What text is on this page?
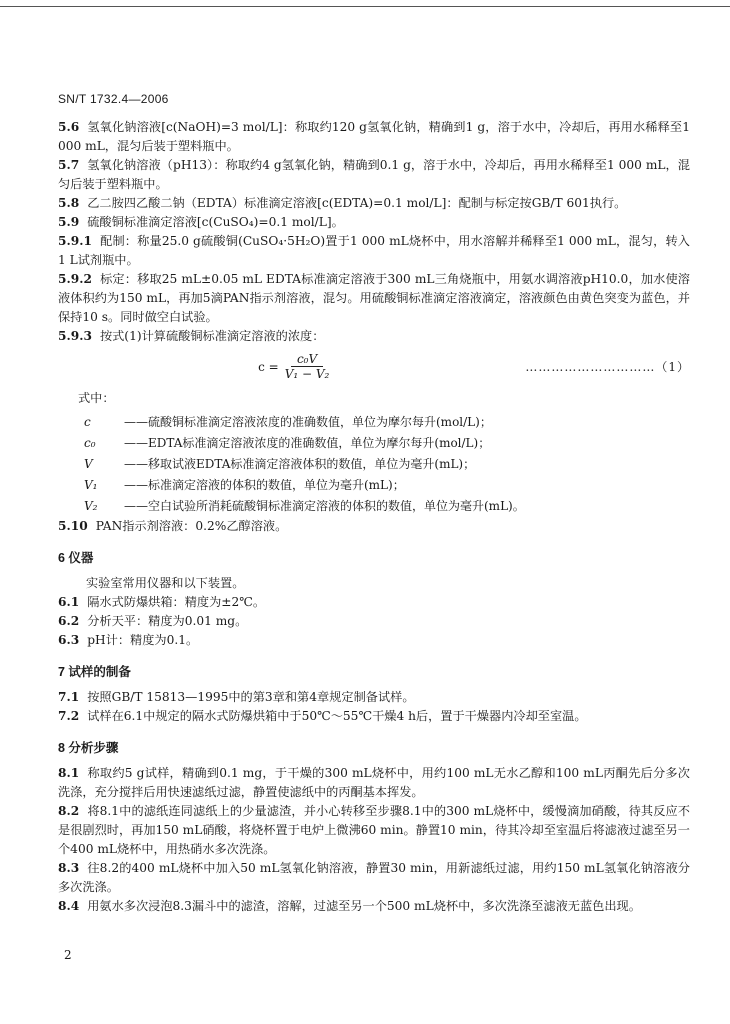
SN/T 1732.4—2006

5.6 氢氧化钠溶液[c(NaOH)=3 mol/L]：称取约120 g氢氧化钠，精确到1 g，溶于水中，冷却后，再用水稀释至1 000 mL，混匀后装于塑料瓶中。

5.7 氢氧化钠溶液（pH13）：称取约4 g氢氧化钠，精确到0.1 g，溶于水中，冷却后，再用水稀释至1 000 mL，混匀后装于塑料瓶中。

5.8 乙二胺四乙酸二钠（EDTA）标准滴定溶液[c(EDTA)=0.1 mol/L]：配制与标定按GB/T 601执行。

5.9 硫酸铜标准滴定溶液[c(CuSO₄)=0.1 mol/L]。

5.9.1 配制：称量25.0 g硫酸铜(CuSO₄·5H₂O)置于1 000 mL烧杯中，用水溶解并稀释至1 000 mL，混匀，转入1 L试剂瓶中。

5.9.2 标定：移取25 mL±0.05 mL EDTA标准滴定溶液于300 mL三角烧瓶中，用氨水调溶液pH10.0，加水使溶液体积约为150 mL，再加5滴PAN指示剂溶液，混匀。用硫酸铜标准滴定溶液滴定，溶液颜色由黄色突变为蓝色，并保持10 s。同时做空白试验。

5.9.3 按式(1)计算硫酸铜标准滴定溶液的浓度：

$c = \frac{\text{c₀V}}{\text{V₁ − V₂}}$	…………………………（1）

式中：

c	——硫酸铜标准滴定溶液浓度的准确数值，单位为摩尔每升(mol/L)；
c₀	——EDTA标准滴定溶液浓度的准确数值，单位为摩尔每升(mol/L)；
V	——移取试液EDTA标准滴定溶液体积的数值，单位为毫升(mL)；
V₁	——标准滴定溶液的体积的数值，单位为毫升(mL)；
V₂	——空白试验所消耗硫酸铜标准滴定溶液的体积的数值，单位为毫升(mL)。

5.10 PAN指示剂溶液：0.2%乙醇溶液。

6 仪器

实验室常用仪器和以下装置。

6.1 隔水式防爆烘箱：精度为±2℃。

6.2 分析天平：精度为0.01 mg。

6.3 pH计：精度为0.1。

7 试样的制备

7.1 按照GB/T 15813—1995中的第3章和第4章规定制备试样。

7.2 试样在6.1中规定的隔水式防爆烘箱中于50℃～55℃干燥4 h后，置于干燥器内冷却至室温。

8 分析步骤

8.1 称取约5 g试样，精确到0.1 mg，于干燥的300 mL烧杯中，用约100 mL无水乙醇和100 mL丙酮先后分多次洗涤，充分搅拌后用快速滤纸过滤，静置使滤纸中的丙酮基本挥发。

8.2 将8.1中的滤纸连同滤纸上的少量滤渣，并小心转移至步骤8.1中的300 mL烧杯中，缓慢滴加硝酸，待其反应不是很剧烈时，再加150 mL硝酸，将烧杯置于电炉上微沸60 min。静置10 min，待其冷却至室温后将滤液过滤至另一个400 mL烧杯中，用热硝水多次洗涤。

8.3 往8.2的400 mL烧杯中加入50 mL氢氧化钠溶液，静置30 min，用新滤纸过滤，用约150 mL氢氧化钠溶液分多次洗涤。

8.4 用氨水多次浸泡8.3漏斗中的滤渣，溶解，过滤至另一个500 mL烧杯中，多次洗涤至滤液无蓝色出现。

2
